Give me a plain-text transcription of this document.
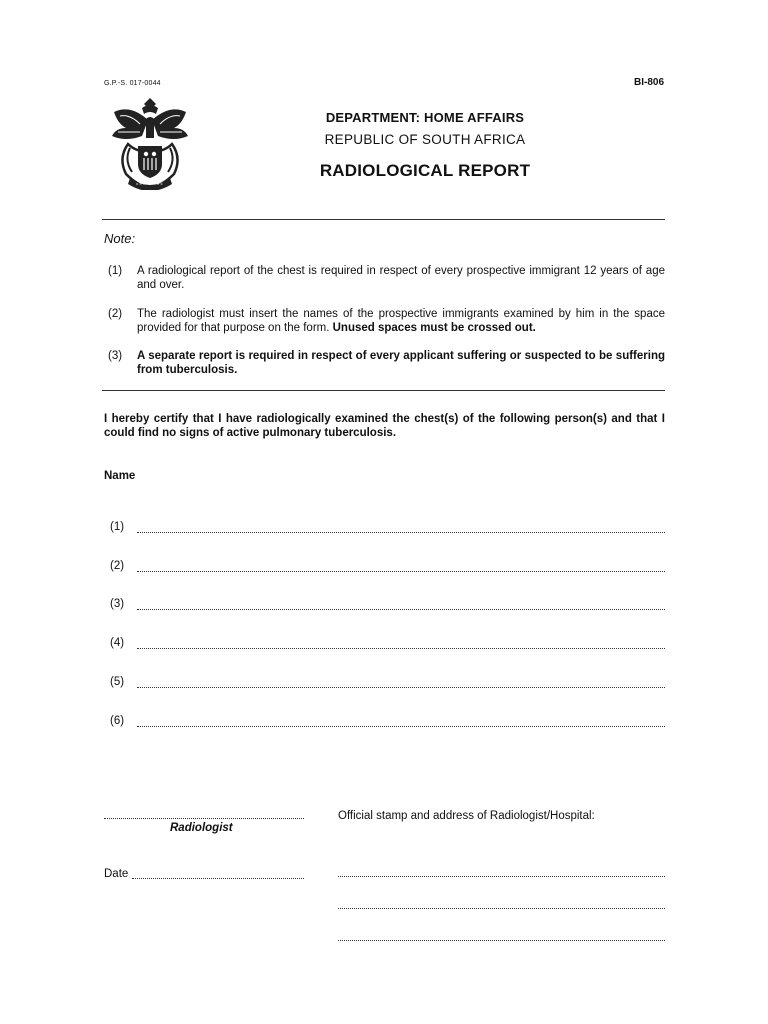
G.P.-S. 017-0044	BI-806
DEPARTMENT: HOME AFFAIRS
REPUBLIC OF SOUTH AFRICA
RADIOLOGICAL REPORT
Note:
(1) A radiological report of the chest is required in respect of every prospective immigrant 12 years of age and over.
(2) The radiologist must insert the names of the prospective immigrants examined by him in the space provided for that purpose on the form. Unused spaces must be crossed out.
(3) A separate report is required in respect of every applicant suffering or suspected to be suffering from tuberculosis.
I hereby certify that I have radiologically examined the chest(s) of the following person(s) and that I could find no signs of active pulmonary tuberculosis.
Name
(1)
(2)
(3)
(4)
(5)
(6)
Radiologist
Date
Official stamp and address of Radiologist/Hospital:
